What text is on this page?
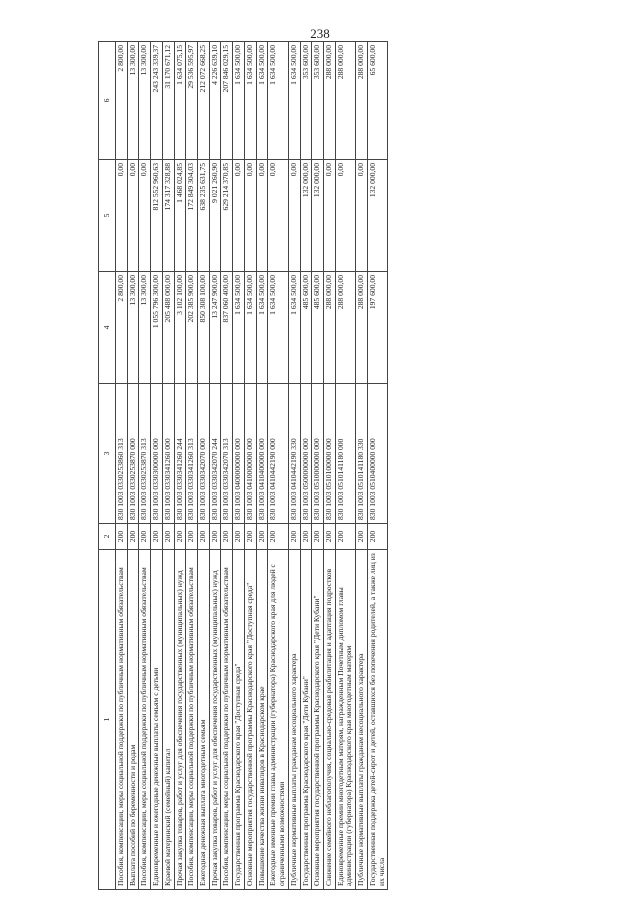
238
1	2	3	4	5	6
Пособия, компенсации, меры социальной поддержки по публичным нормативным обязательствам	200	830 1003 0330253860 313	2 800,00	0,00	2 800,00
Выплата пособий по беременности и родам	200	830 1003 0330253870 000	13 300,00	0,00	13 300,00
Пособия, компенсации, меры социальной поддержки по публичным нормативным обязательствам	200	830 1003 0330253870 313	13 300,00	0,00	13 300,00
Единовременные и ежегодные денежные выплаты семьям с детьми	200	830 1003 0330300000 000	1 055 796 300,00	812 552 960,63	243 243 339,37
Краевой материнский (семейный) капитал	200	830 1003 0330341260 000	205 488 000,00	174 317 328,88	31 170 671,12
Прочая закупка товаров, работ и услуг для обеспечения государственных (муниципальных) нужд	200	830 1003 0330341260 244	3 102 100,00	1 468 024,85	1 634 075,15
Пособия, компенсации, меры социальной поддержки по публичным нормативным обязательствам	200	830 1003 0330341260 313	202 385 900,00	172 849 304,03	29 536 595,97
Ежегодная денежная выплата многодетным семьям	200	830 1003 0330342070 000	850 308 100,00	638 235 631,75	212 072 668,25
Прочая закупка товаров, работ и услуг для обеспечения государственных (муниципальных) нужд	200	830 1003 0330342070 244	13 247 900,00	9 021 260,90	4 226 639,10
Пособия, компенсации, меры социальной поддержки по публичным нормативным обязательствам	200	830 1003 0330342070 313	837 060 400,00	629 214 370,85	207 846 029,15
Государственная программа Краснодарского края "Доступная среда"	200	830 1003 0400000000 000	1 634 500,00	0,00	1 634 500,00
Основные мероприятия государственной программы Краснодарского края "Доступная среда"	200	830 1003 0410000000 000	1 634 500,00	0,00	1 634 500,00
Повышение качества жизни инвалидов в Краснодарском крае	200	830 1003 0410400000 000	1 634 500,00	0,00	1 634 500,00
Ежегодные именные премии главы администрации (губернатора) Краснодарского края для людей с ограниченными возможностями	200	830 1003 0410442190 000	1 634 500,00	0,00	1 634 500,00
Публичные нормативные выплаты гражданам несоциального характера	200	830 1003 0410442190 330	1 634 500,00	0,00	1 634 500,00
Государственная программа Краснодарского края "Дети Кубани"	200	830 1003 0500000000 000	485 600,00	132 000,00	353 600,00
Основные мероприятия государственной программы Краснодарского края "Дети Кубани"	200	830 1003 0510000000 000	485 600,00	132 000,00	353 600,00
Снижение семейного неблагополучия, социально-средовая реабилитация и адаптация подростков	200	830 1003 0510100000 000	288 000,00	0,00	288 000,00
Единовременные премии многодетным матерям, награжденным Почетным дипломом главы администрации (губернатора) Краснодарского края многодетным матерям	200	830 1003 0510141180 000	288 000,00	0,00	288 000,00
Публичные нормативные выплаты гражданам несоциального характера	200	830 1003 0510141180 330	288 000,00	0,00	288 000,00
Государственная поддержка детей-сирот и детей, оставшихся без попечения родителей, а также лиц из их числа	200	830 1003 0510400000 000	197 600,00	132 000,00	65 600,00
